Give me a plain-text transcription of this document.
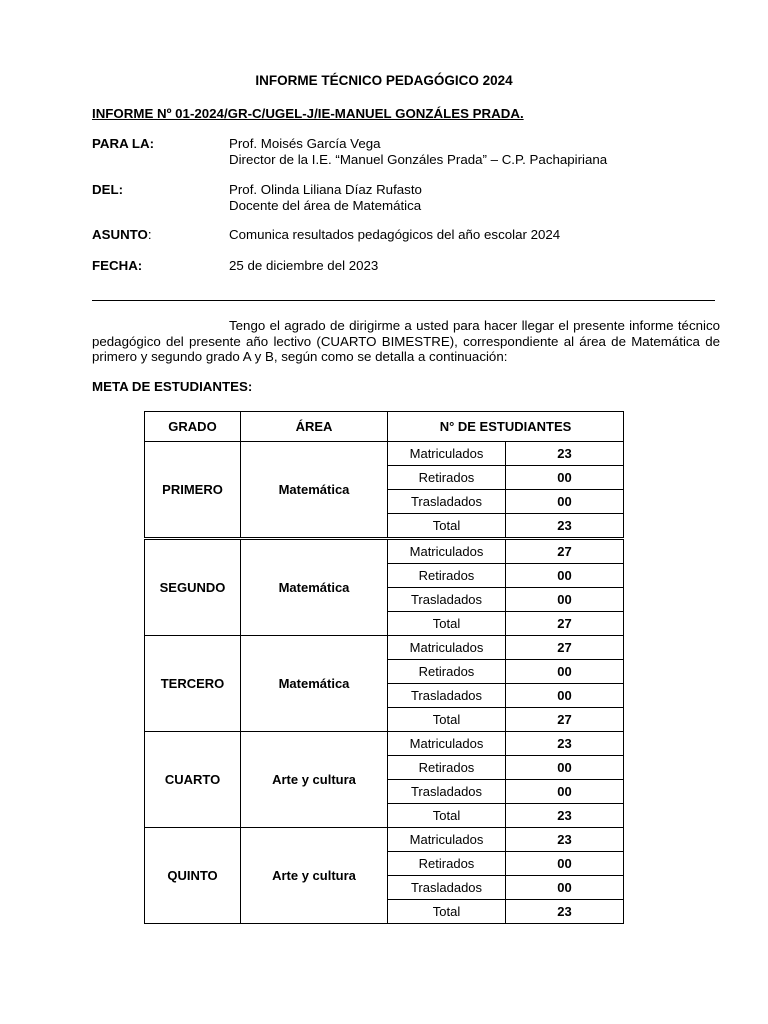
INFORME TÉCNICO PEDAGÓGICO 2024
INFORME Nº 01-2024/GR-C/UGEL-J/IE-MANUEL GONZÁLES PRADA.
PARA LA:	Prof. Moisés García Vega
Director de la I.E. “Manuel Gonzáles Prada” – C.P. Pachapiriana
DEL:	Prof. Olinda Liliana Díaz Rufasto
Docente del área de Matemática
ASUNTO:	Comunica resultados pedagógicos del año escolar 2024
FECHA:	25 de diciembre del 2023
Tengo el agrado de dirigirme a usted para hacer llegar el presente informe técnico pedagógico del presente año lectivo (CUARTO BIMESTRE), correspondiente al área de Matemática de primero y segundo grado A y B, según como se detalla a continuación:
META DE ESTUDIANTES:
GRADO	ÁREA	N° DE ESTUDIANTES	
PRIMERO	Matemática	Matriculados	23
		Retirados	00
		Trasladados	00
		Total	23
SEGUNDO	Matemática	Matriculados	27
		Retirados	00
		Trasladados	00
		Total	27
TERCERO	Matemática	Matriculados	27
		Retirados	00
		Trasladados	00
		Total	27
CUARTO	Arte y cultura	Matriculados	23
		Retirados	00
		Trasladados	00
		Total	23
QUINTO	Arte y cultura	Matriculados	23
		Retirados	00
		Trasladados	00
		Total	23
